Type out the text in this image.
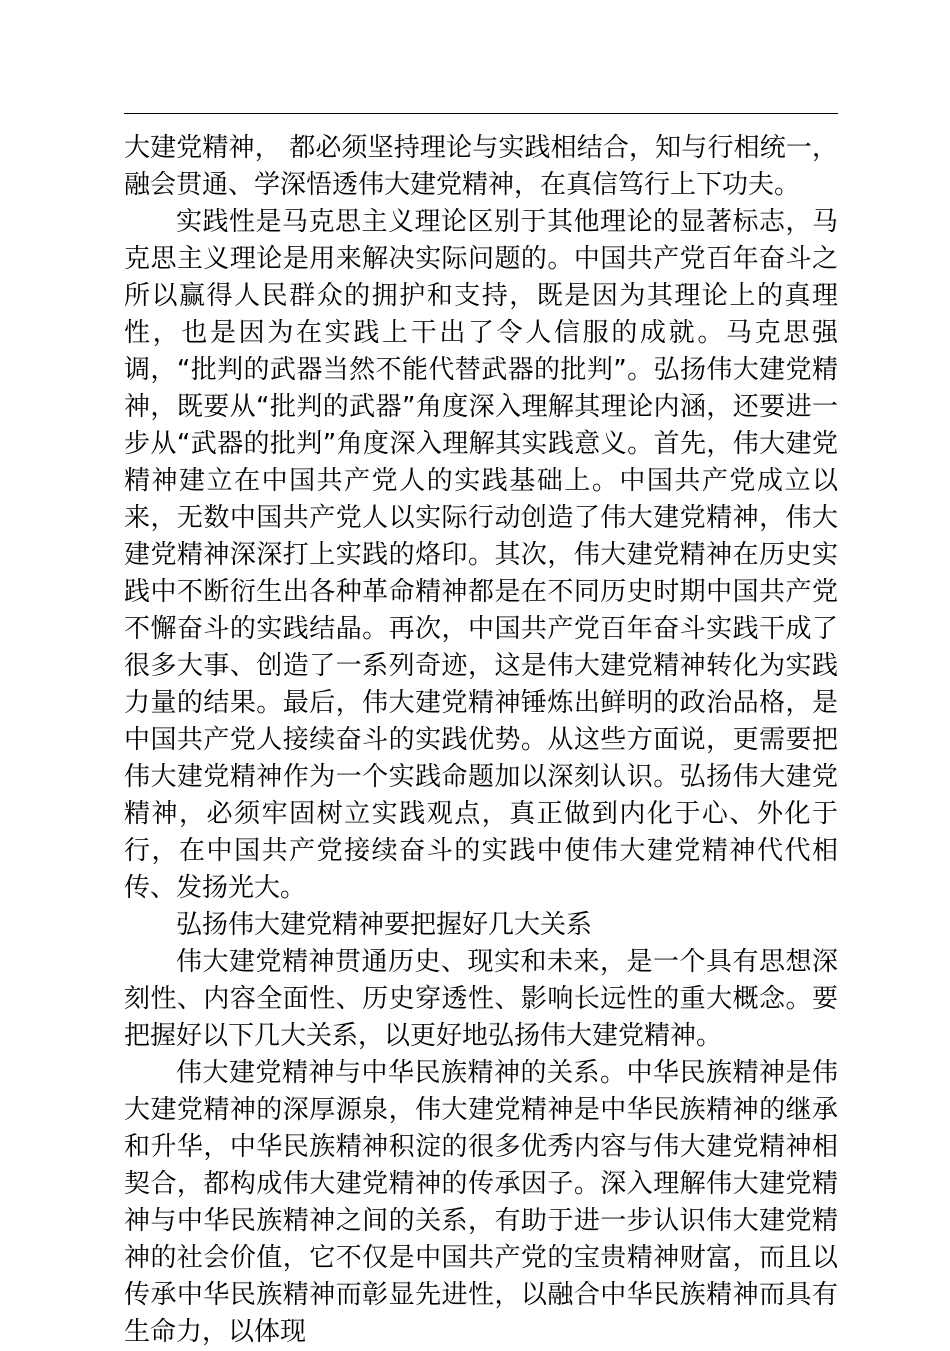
大建党精神， 都必须坚持理论与实践相结合，知与行相统一，融会贯通、学深悟透伟大建党精神，在真信笃行上下功夫。

实践性是马克思主义理论区别于其他理论的显著标志，马克思主义理论是用来解决实际问题的。中国共产党百年奋斗之所以赢得人民群众的拥护和支持，既是因为其理论上的真理性，也是因为在实践上干出了令人信服的成就。马克思强调，“批判的武器当然不能代替武器的批判”。弘扬伟大建党精神，既要从“批判的武器”角度深入理解其理论内涵，还要进一步从“武器的批判”角度深入理解其实践意义。首先，伟大建党精神建立在中国共产党人的实践基础上。中国共产党成立以来，无数中国共产党人以实际行动创造了伟大建党精神，伟大建党精神深深打上实践的烙印。其次，伟大建党精神在历史实践中不断衍生出各种革命精神都是在不同历史时期中国共产党不懈奋斗的实践结晶。再次，中国共产党百年奋斗实践干成了很多大事、创造了一系列奇迹，这是伟大建党精神转化为实践力量的结果。最后，伟大建党精神锤炼出鲜明的政治品格，是中国共产党人接续奋斗的实践优势。从这些方面说，更需要把伟大建党精神作为一个实践命题加以深刻认识。弘扬伟大建党精神，必须牢固树立实践观点，真正做到内化于心、外化于行，在中国共产党接续奋斗的实践中使伟大建党精神代代相传、发扬光大。

弘扬伟大建党精神要把握好几大关系

伟大建党精神贯通历史、现实和未来，是一个具有思想深刻性、内容全面性、历史穿透性、影响长远性的重大概念。要把握好以下几大关系，以更好地弘扬伟大建党精神。

伟大建党精神与中华民族精神的关系。中华民族精神是伟大建党精神的深厚源泉，伟大建党精神是中华民族精神的继承和升华，中华民族精神积淀的很多优秀内容与伟大建党精神相契合，都构成伟大建党精神的传承因子。深入理解伟大建党精神与中华民族精神之间的关系，有助于进一步认识伟大建党精神的社会价值，它不仅是中国共产党的宝贵精神财富，而且以传承中华民族精神而彰显先进性，以融合中华民族精神而具有生命力，以体现
